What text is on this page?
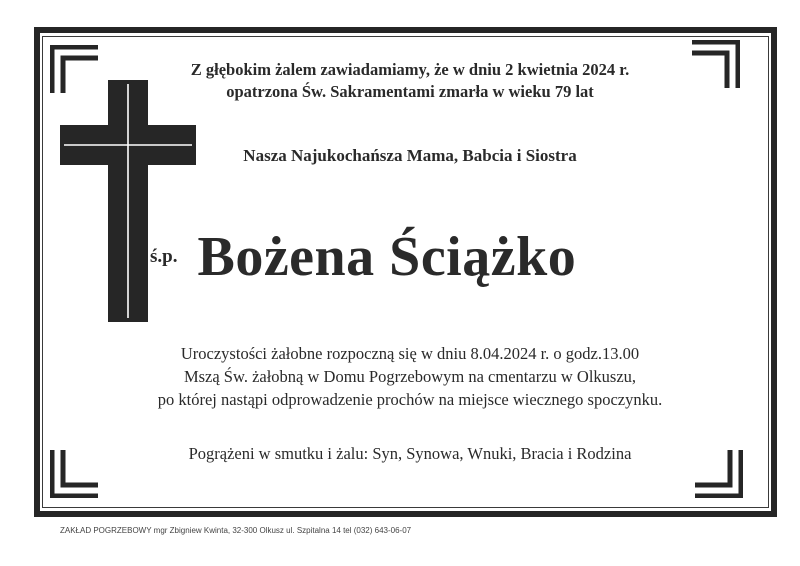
Z głębokim żalem zawiadamiamy, że w dniu 2 kwietnia 2024 r.

opatrzona Św. Sakramentami zmarła w wieku 79 lat

Nasza Najukochańsza Mama, Babcia i Siostra

ś.p. Bożena Ściążko

Uroczystości żałobne rozpoczną się w dniu 8.04.2024 r. o godz.13.00

Mszą Św. żałobną w Domu Pogrzebowym na cmentarzu w Olkuszu,

po której nastąpi odprowadzenie prochów na miejsce wiecznego spoczynku.

Pogrążeni w smutku i żalu: Syn, Synowa, Wnuki, Bracia i Rodzina

ZAKŁAD POGRZEBOWY mgr Zbigniew Kwinta, 32-300 Olkusz ul. Szpitalna 14 tel (032) 643-06-07
